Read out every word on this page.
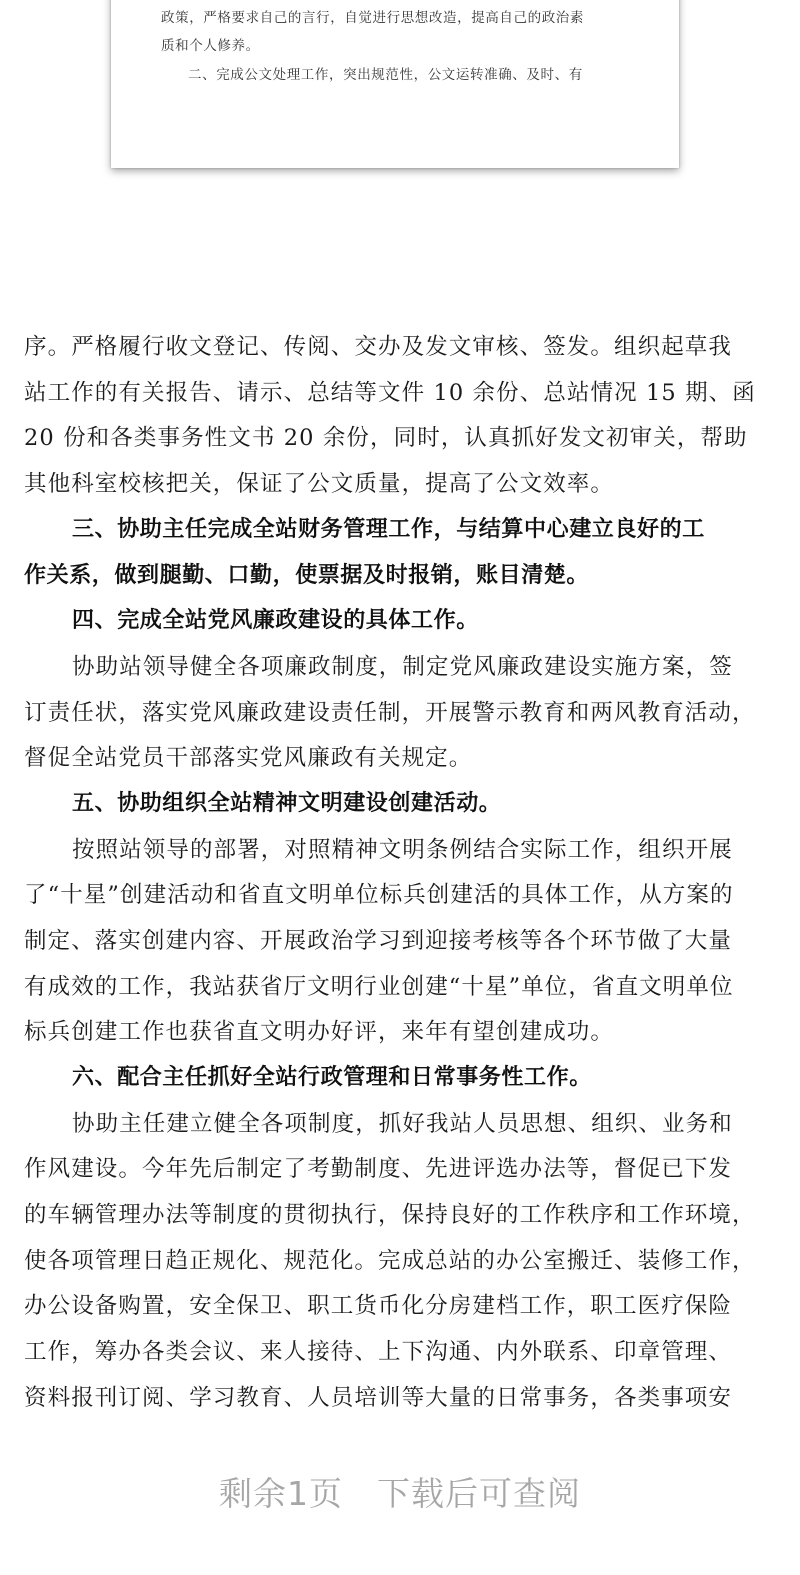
政策，严格要求自己的言行，自觉进行思想改造，提高自己的政治素
质和个人修养。
二、完成公文处理工作，突出规范性，公文运转准确、及时、有
序。严格履行收文登记、传阅、交办及发文审核、签发。组织起草我
站工作的有关报告、请示、总结等文件 10 余份、总站情况 15 期、函
20 份和各类事务性文书 20 余份，同时，认真抓好发文初审关，帮助
其他科室校核把关，保证了公文质量，提高了公文效率。
三、协助主任完成全站财务管理工作，与结算中心建立良好的工
作关系，做到腿勤、口勤，使票据及时报销，账目清楚。
四、完成全站党风廉政建设的具体工作。
协助站领导健全各项廉政制度，制定党风廉政建设实施方案，签
订责任状，落实党风廉政建设责任制，开展警示教育和两风教育活动，
督促全站党员干部落实党风廉政有关规定。
五、协助组织全站精神文明建设创建活动。
按照站领导的部署，对照精神文明条例结合实际工作，组织开展
了“十星”创建活动和省直文明单位标兵创建活的具体工作，从方案的
制定、落实创建内容、开展政治学习到迎接考核等各个环节做了大量
有成效的工作，我站获省厅文明行业创建“十星”单位，省直文明单位
标兵创建工作也获省直文明办好评，来年有望创建成功。
六、配合主任抓好全站行政管理和日常事务性工作。
协助主任建立健全各项制度，抓好我站人员思想、组织、业务和
作风建设。今年先后制定了考勤制度、先进评选办法等，督促已下发
的车辆管理办法等制度的贯彻执行，保持良好的工作秩序和工作环境，
使各项管理日趋正规化、规范化。完成总站的办公室搬迁、装修工作，
办公设备购置，安全保卫、职工货币化分房建档工作，职工医疗保险
工作，筹办各类会议、来人接待、上下沟通、内外联系、印章管理、
资料报刊订阅、学习教育、人员培训等大量的日常事务，各类事项安
剩余1页 下载后可查阅
